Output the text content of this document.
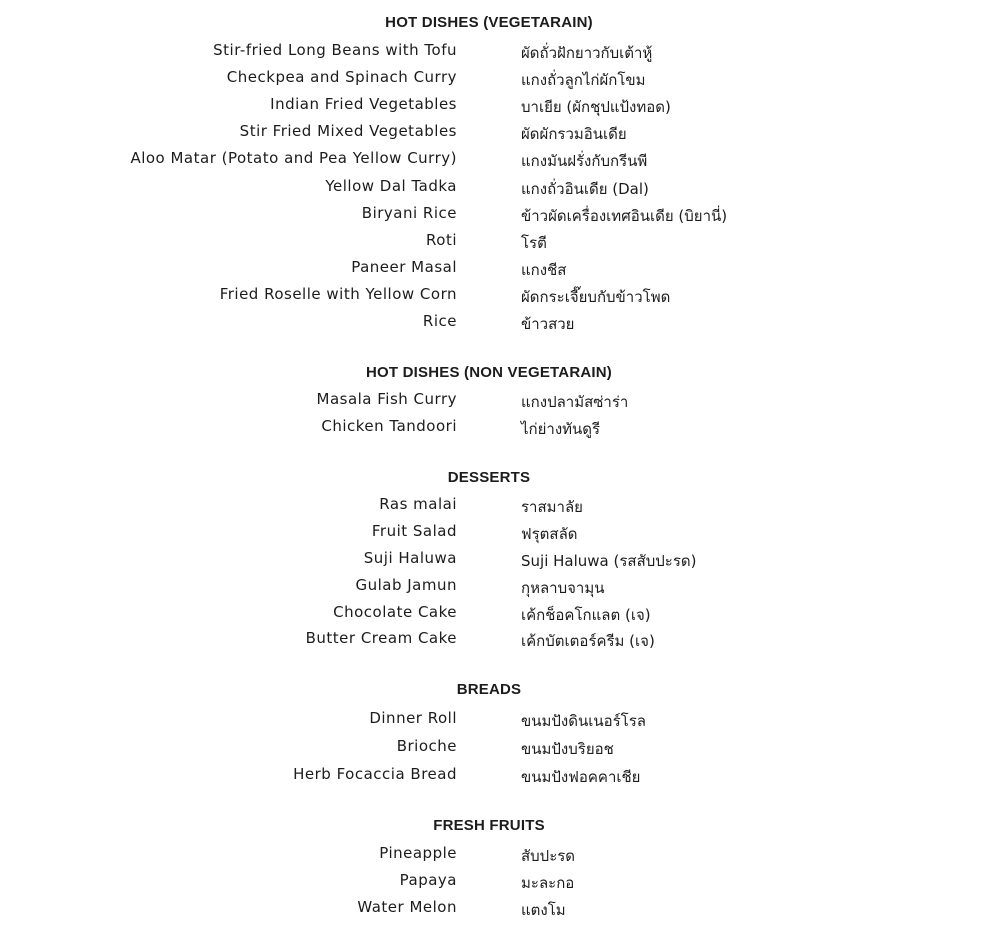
HOT DISHES (VEGETARAIN)
Stir-fried Long Beans with Tofu	ผัดถั่วฝักยาวกับเต้าหู้
Checkpea and Spinach Curry	แกงถั่วลูกไก่ผักโขม
Indian Fried Vegetables	บาเยีย (ผักชุปแป้งทอด)
Stir Fried Mixed Vegetables	ผัดผักรวมอินเดีย
Aloo Matar (Potato and Pea Yellow Curry)	แกงมันฝรั่งกับกรีนพี
Yellow Dal Tadka	แกงถั่วอินเดีย (Dal)
Biryani Rice	ข้าวผัดเครื่องเทศอินเดีย (บิยานี่)
Roti	โรตี
Paneer Masal	แกงชีส
Fried Roselle with Yellow Corn	ผัดกระเจี๊ยบกับข้าวโพด
Rice	ข้าวสวย
HOT DISHES (NON VEGETARAIN)
Masala Fish Curry	แกงปลามัสซ่าร่า
Chicken Tandoori	ไก่ย่างทันดูรี
DESSERTS
Ras malai	ราสมาลัย
Fruit Salad	ฟรุตสลัด
Suji Haluwa	Suji Haluwa (รสสับปะรด)
Gulab Jamun	กุหลาบจามุน
Chocolate Cake	เค้กช็อคโกแลต (เจ)
Butter Cream Cake	เค้กบัตเตอร์ครีม (เจ)
BREADS
Dinner Roll	ขนมปังดินเนอร์โรล
Brioche	ขนมปังบริยอช
Herb Focaccia Bread	ขนมปังฟอคคาเชีย
FRESH FRUITS
Pineapple	สับปะรด
Papaya	มะละกอ
Water Melon	แตงโม
